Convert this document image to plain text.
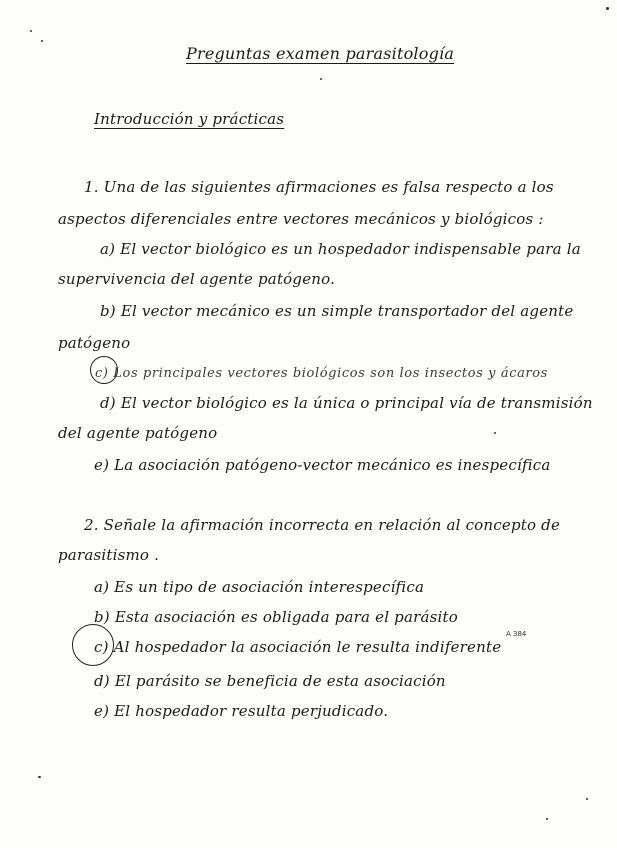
Preguntas examen parasitología
Introducción y prácticas
1. Una de las siguientes afirmaciones es falsa respecto a los
aspectos diferenciales entre vectores mecánicos y biológicos :
a) El vector biológico es un hospedador indispensable para la
supervivencia del agente patógeno.
b) El vector mecánico es un simple transportador del agente
patógeno
c) Los principales vectores biológicos son los insectos y ácaros
d) El vector biológico es la única o principal vía de transmisión
del agente patógeno
e) La asociación patógeno-vector mecánico es inespecífica
2. Señale la afirmación incorrecta en relación al concepto de
parasitismo .
a) Es un tipo de asociación interespecífica
b) Esta asociación es obligada para el parásito
c) Al hospedador la asociación le resulta indiferente
A 384
d) El parásito se beneficia de esta asociación
e) El hospedador resulta perjudicado.
